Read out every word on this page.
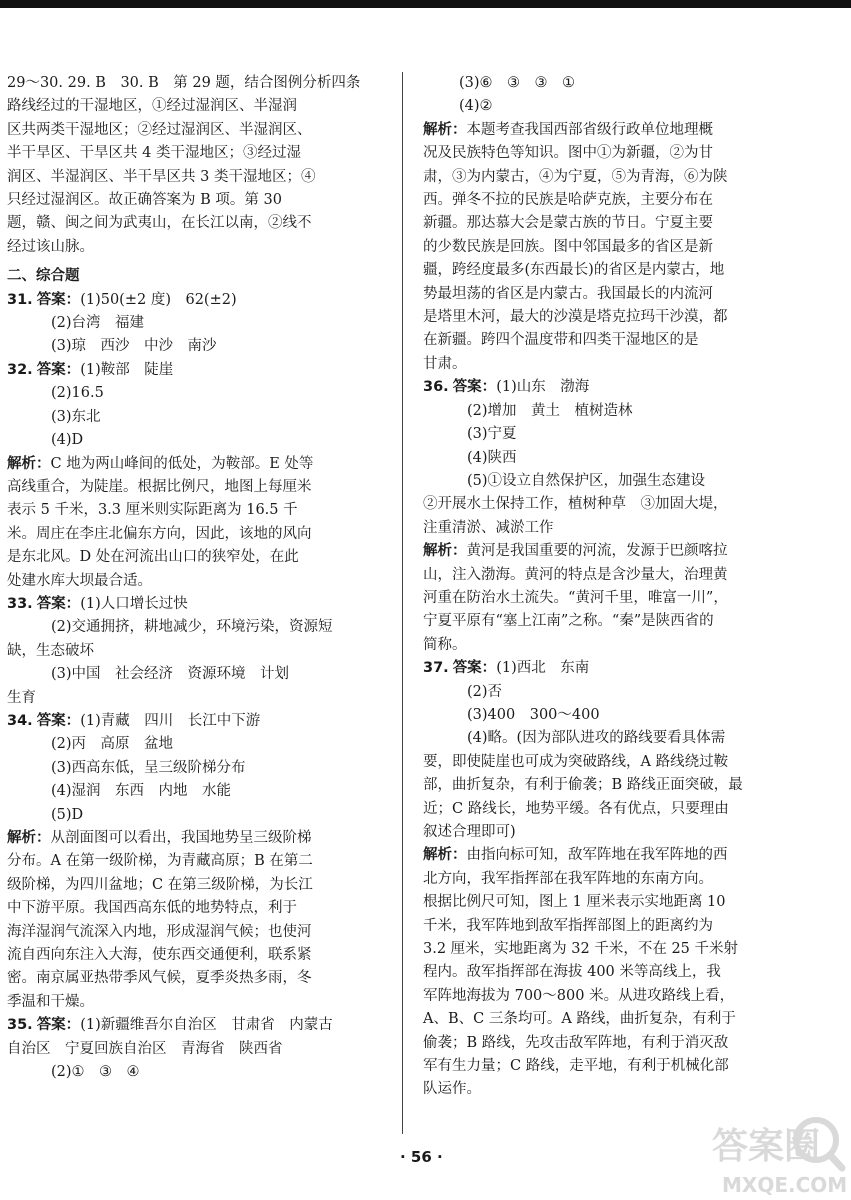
29～30. 29. B　30. B　第 29 题，结合图例分析四条

路线经过的干湿地区，①经过湿润区、半湿润

区共两类干湿地区；②经过湿润区、半湿润区、

半干旱区、干旱区共 4 类干湿地区；③经过湿

润区、半湿润区、半干旱区共 3 类干湿地区；④

只经过湿润区。故正确答案为 B 项。第 30

题，赣、闽之间为武夷山，在长江以南，②线不

经过该山脉。

二、综合题

31. 答案：(1)50(±2 度)　62(±2)

(2)台湾　福建

(3)琼　西沙　中沙　南沙

32. 答案：(1)鞍部　陡崖

(2)16.5

(3)东北

(4)D

解析：C 地为两山峰间的低处，为鞍部。E 处等

高线重合，为陡崖。根据比例尺，地图上每厘米

表示 5 千米，3.3 厘米则实际距离为 16.5 千

米。周庄在李庄北偏东方向，因此，该地的风向

是东北风。D 处在河流出山口的狭窄处，在此

处建水库大坝最合适。

33. 答案：(1)人口增长过快

(2)交通拥挤，耕地减少，环境污染，资源短

缺，生态破坏

(3)中国　社会经济　资源环境　计划

生育

34. 答案：(1)青藏　四川　长江中下游

(2)丙　高原　盆地

(3)西高东低，呈三级阶梯分布

(4)湿润　东西　内地　水能

(5)D

解析：从剖面图可以看出，我国地势呈三级阶梯

分布。A 在第一级阶梯，为青藏高原；B 在第二

级阶梯，为四川盆地；C 在第三级阶梯，为长江

中下游平原。我国西高东低的地势特点，利于

海洋湿润气流深入内地，形成湿润气候；也使河

流自西向东注入大海，使东西交通便利，联系紧

密。南京属亚热带季风气候，夏季炎热多雨，冬

季温和干燥。

35. 答案：(1)新疆维吾尔自治区　甘肃省　内蒙古

自治区　宁夏回族自治区　青海省　陕西省

(2)①　③　④

(3)⑥　③　③　①

(4)②

解析：本题考查我国西部省级行政单位地理概

况及民族特色等知识。图中①为新疆，②为甘

肃，③为内蒙古，④为宁夏，⑤为青海，⑥为陕

西。弹冬不拉的民族是哈萨克族，主要分布在

新疆。那达慕大会是蒙古族的节日。宁夏主要

的少数民族是回族。图中邻国最多的省区是新

疆，跨经度最多(东西最长)的省区是内蒙古，地

势最坦荡的省区是内蒙古。我国最长的内流河

是塔里木河，最大的沙漠是塔克拉玛干沙漠，都

在新疆。跨四个温度带和四类干湿地区的是

甘肃。

36. 答案：(1)山东　渤海

(2)增加　黄土　植树造林

(3)宁夏

(4)陕西

(5)①设立自然保护区，加强生态建设

②开展水土保持工作，植树种草　③加固大堤，

注重清淤、减淤工作

解析：黄河是我国重要的河流，发源于巴颜喀拉

山，注入渤海。黄河的特点是含沙量大，治理黄

河重在防治水土流失。“黄河千里，唯富一川”，

宁夏平原有“塞上江南”之称。“秦”是陕西省的

简称。

37. 答案：(1)西北　东南

(2)否

(3)400　300～400

(4)略。(因为部队进攻的路线要看具体需

要，即使陡崖也可成为突破路线，A 路线绕过鞍

部，曲折复杂，有利于偷袭；B 路线正面突破，最

近；C 路线长，地势平缓。各有优点，只要理由

叙述合理即可)

解析：由指向标可知，敌军阵地在我军阵地的西

北方向，我军指挥部在我军阵地的东南方向。

根据比例尺可知，图上 1 厘米表示实地距离 10

千米，我军阵地到敌军指挥部图上的距离约为

3.2 厘米，实地距离为 32 千米，不在 25 千米射

程内。敌军指挥部在海拔 400 米等高线上，我

军阵地海拔为 700～800 米。从进攻路线上看，

A、B、C 三条均可。A 路线，曲折复杂，有利于

偷袭；B 路线，先攻击敌军阵地，有利于消灭敌

军有生力量；C 路线，走平地，有利于机械化部

队运作。

· 56 ·	答案圈
MXQE.COM
